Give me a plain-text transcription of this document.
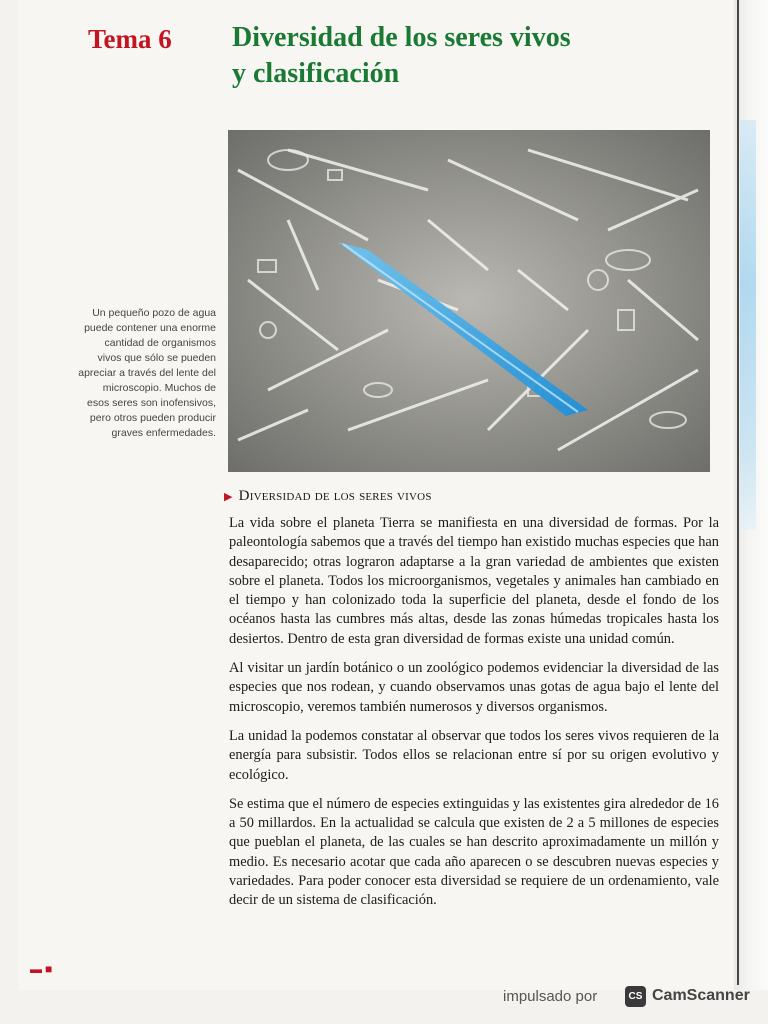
Tema 6 Diversidad de los seres vivos
y clasificación
Un pequeño pozo de agua puede contener una enorme cantidad de organismos vivos que sólo se pueden apreciar a través del lente del microscopio. Muchos de esos seres son inofensivos, pero otros pueden producir graves enfermedades.
▶ Diversidad de los seres vivos

La vida sobre el planeta Tierra se manifiesta en una diversidad de formas. Por la paleontología sabemos que a través del tiempo han existido muchas especies que han desaparecido; otras lograron adaptarse a la gran variedad de ambientes que existen sobre el planeta. Todos los microorganismos, vegetales y animales han cambiado en el tiempo y han colonizado toda la superficie del planeta, desde el fondo de los océanos hasta las cumbres más altas, desde las zonas húmedas tropicales hasta los desiertos. Dentro de esta gran diversidad de formas existe una unidad común.

Al visitar un jardín botánico o un zoológico podemos evidenciar la diversidad de las especies que nos rodean, y cuando observamos unas gotas de agua bajo el lente del microscopio, veremos también numerosos y diversos organismos.

La unidad la podemos constatar al observar que todos los seres vivos requieren de la energía para subsistir. Todos ellos se relacionan entre sí por su origen evolutivo y ecológico.

Se estima que el número de especies extinguidas y las existentes gira alrededor de 16 a 50 millardos. En la actualidad se calcula que existen de 2 a 5 millones de especies que pueblan el planeta, de las cuales se han descrito aproximadamente un millón y medio. Es necesario acotar que cada año aparecen o se descubren nuevas especies y variedades. Para poder conocer esta diversidad se requiere de un ordenamiento, vale decir de un sistema de clasificación.

▬ ■
impulsado por	CS CamScanner
